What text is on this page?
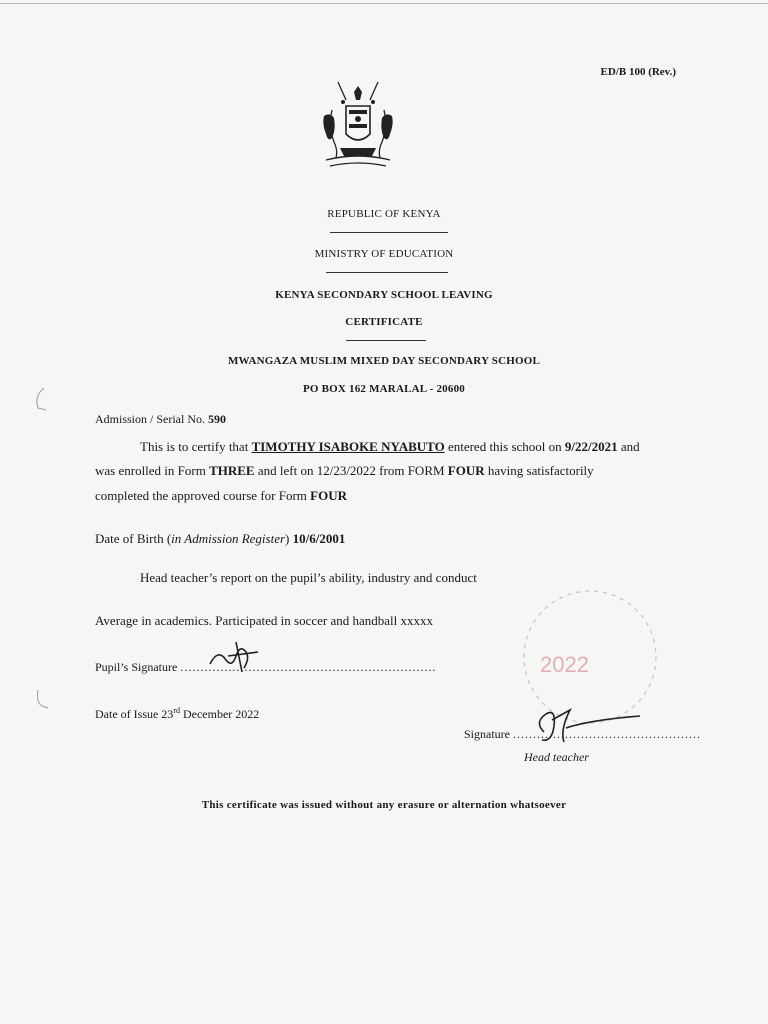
ED/B 100 (Rev.)
REPUBLIC OF KENYA
MINISTRY OF EDUCATION
KENYA SECONDARY SCHOOL LEAVING
CERTIFICATE
MWANGAZA MUSLIM MIXED DAY SECONDARY SCHOOL
PO BOX 162 MARALAL - 20600
Admission / Serial No. 590
This is to certify that TIMOTHY ISABOKE NYABUTO entered this school on 9/22/2021 and
was enrolled in Form THREE and left on 12/23/2022 from FORM FOUR having satisfactorily
completed the approved course for Form FOUR
Date of Birth (in Admission Register) 10/6/2001
Head teacher’s report on the pupil’s ability, industry and conduct
Average in academics. Participated in soccer and handball xxxxx
Pupil’s Signature ................................................................
Date of Issue 23rd December 2022
2022
Signature ...............................................
Head teacher
This certificate was issued without any erasure or alternation whatsoever
